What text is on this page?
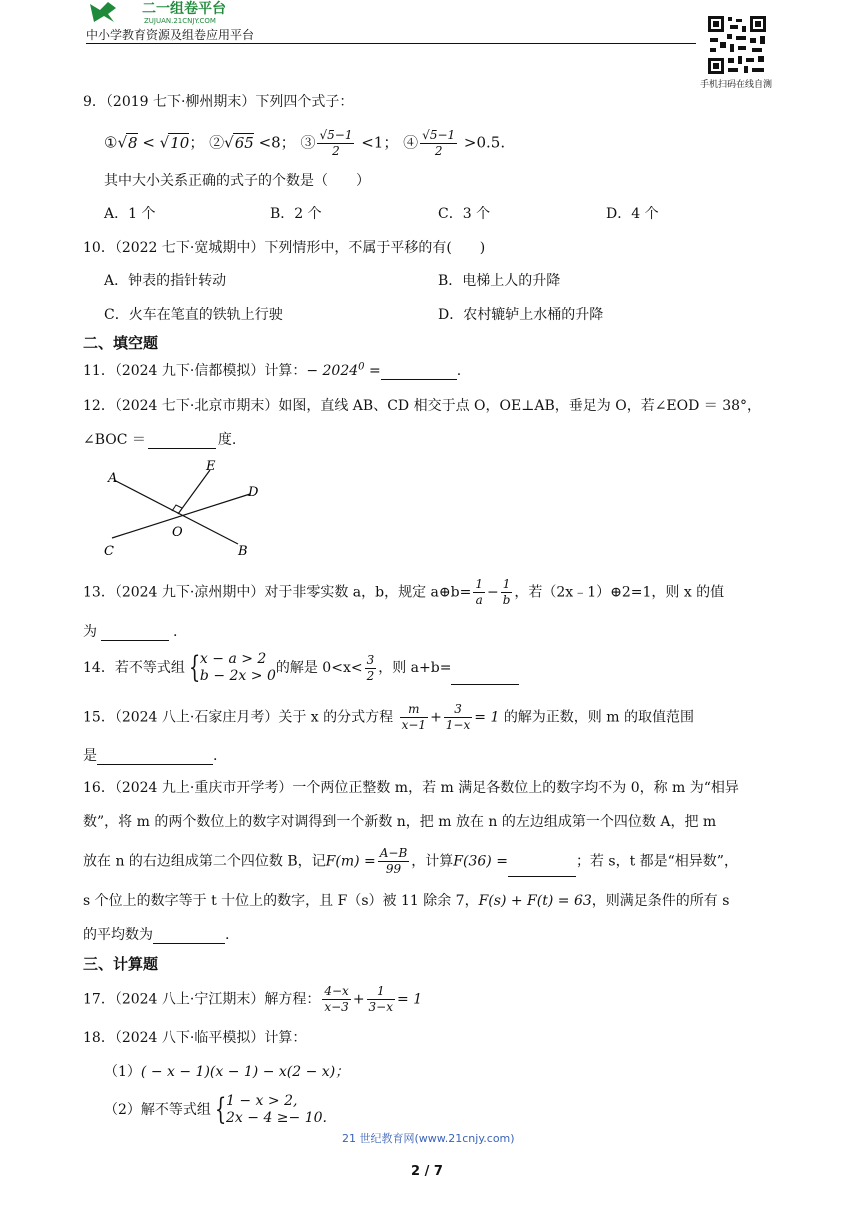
二一组卷平台
ZUJUAN.21CNJY.COM
中小学教育资源及组卷应用平台
手机扫码在线自测
9．（2019 七下·柳州期末）下列四个式子：
①√8 < √10； ②√65 <8； ③ $\frac{√5-1}{2} <1$； ④ $\frac{√5-1}{2} >0.5$.
其中大小关系正确的式子的个数是（　　）
A．1 个	B．2 个	C．3 个	D．4 个
10．（2022 七下·宽城期中）下列情形中，不属于平移的有(　　)
A．钟表的指针转动	B．电梯上人的升降
C．火车在笔直的铁轨上行驶	D．农村辘轳上水桶的升降
二、填空题
11．（2024 九下·信都模拟）计算：− $2024^0$ =	.
12．（2024 七下·北京市期末）如图，直线 AB、CD 相交于点 O，OE⊥AB，垂足为 O，若∠EOD ＝ 38°，
∠BOC ＝	度.
A
E
D
O
C	B
13．（2024 九下·凉州期中）对于非零实数 a，b，规定 a⊕b= $\frac{1}{a} - \frac{1}{b}$ ，若（2x﹣1）⊕2=1，则 x 的值
为	.
14．若不等式组 { x − a > 2
b − 2x > 0 的解是 $0<x< \frac{3}{2}$ ，则 a+b=
15．（2024 八上·石家庄月考）关于 x 的分式方程 $\frac{m}{x-1} + \frac{3}{1-x} = 1$ 的解为正数，则 m 的取值范围
是	.
16．（2024 九上·重庆市开学考）一个两位正整数 m，若 m 满足各数位上的数字均不为 0，称 m 为“相异
数”，将 m 的两个数位上的数字对调得到一个新数 n，把 m 放在 n 的左边组成第一个四位数 A，把 m
放在 n 的右边组成第二个四位数 B，记$F(m) = \frac{A-B}{99}$ ，计算F(36) =	；若 s，t 都是“相异数”，
s 个位上的数字等于 t 十位上的数字，且 F（s）被 11 除余 7，F(s) + F(t) = 63，则满足条件的所有 s
的平均数为	.
三、计算题
17．（2024 八上·宁江期末）解方程： $\frac{4-x}{x-3} + \frac{1}{3-x} = 1$
18．（2024 八下·临平模拟）计算：
（1）( − x − 1)(x − 1) − x(2 − x)；
（2）解不等式组 { 1 − x > 2,
2x − 4 ≥− 10.
21 世纪教育网(www.21cnjy.com)
2 / 7
